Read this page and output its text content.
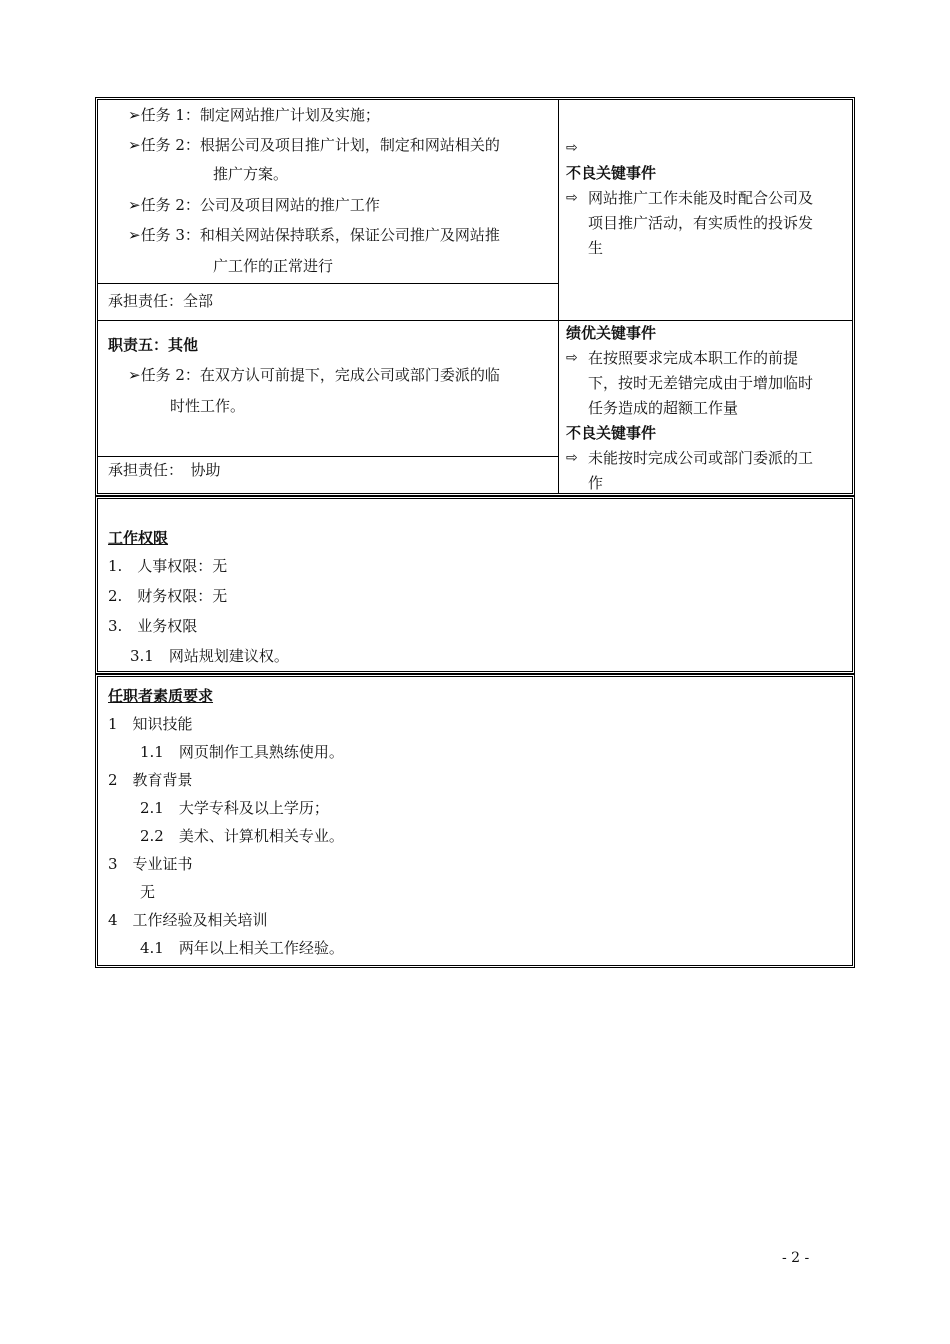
➢任务 1：制定网站推广计划及实施；
➢任务 2：根据公司及项目推广计划，制定和网站相关的
推广方案。
➢任务 2：公司及项目网站的推广工作
➢任务 3：和相关网站保持联系，保证公司推广及网站推
广工作的正常进行
承担责任：全部
⇨
不良关键事件
⇨ 网站推广工作未能及时配合公司及
项目推广活动，有实质性的投诉发
生
职责五：其他
➢任务 2：在双方认可前提下，完成公司或部门委派的临
时性工作。
承担责任：　协助
绩优关键事件
⇨ 在按照要求完成本职工作的前提
下，按时无差错完成由于增加临时
任务造成的超额工作量
不良关键事件
⇨ 未能按时完成公司或部门委派的工
作
工作权限
1.　人事权限：无
2.　财务权限：无
3.　业务权限
3.1　网站规划建议权。
任职者素质要求
1　知识技能
1.1　网页制作工具熟练使用。
2　教育背景
2.1　大学专科及以上学历；
2.2　美术、计算机相关专业。
3　专业证书
无
4　工作经验及相关培训
4.1　两年以上相关工作经验。
- 2 -
